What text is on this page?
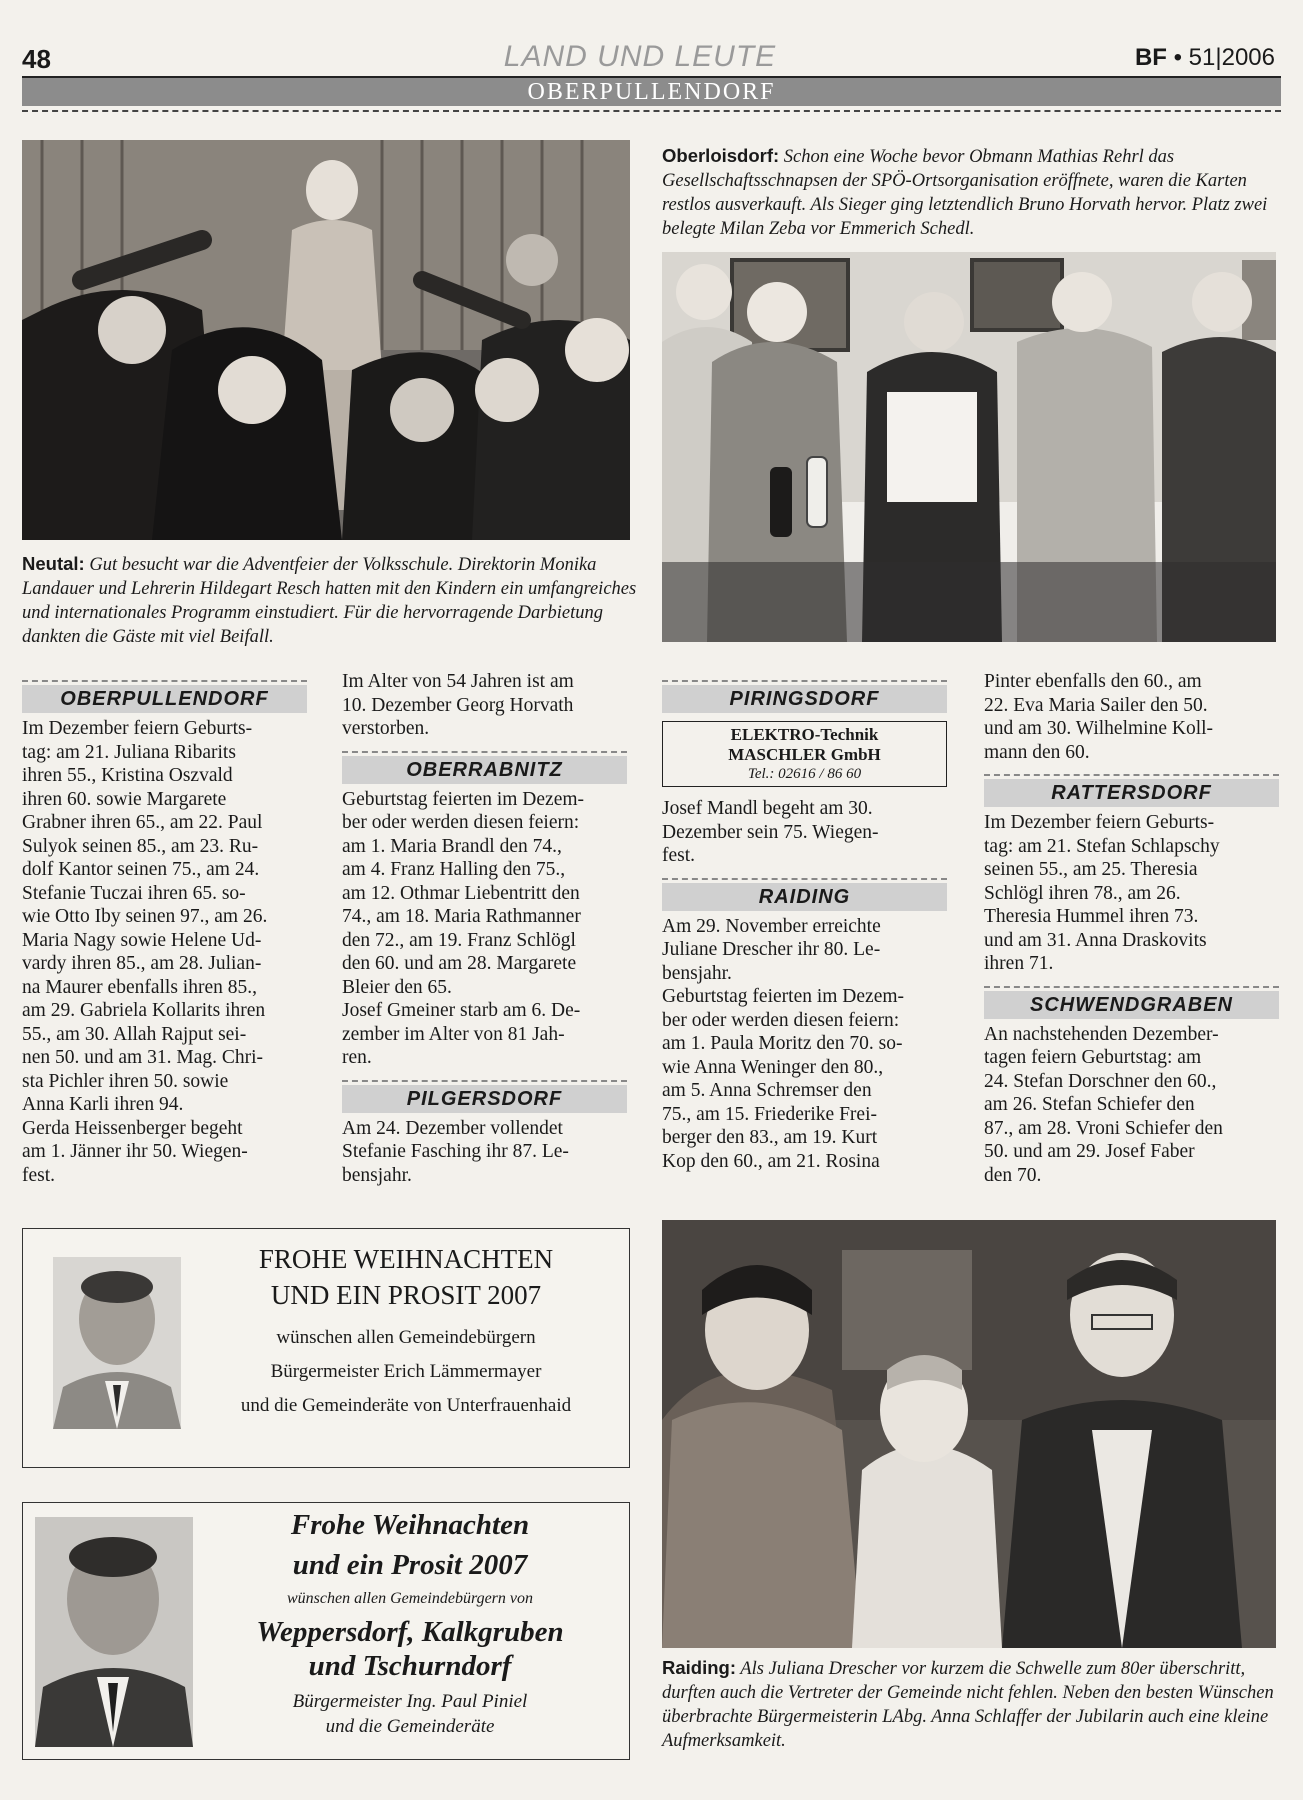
48	LAND UND LEUTE	BF • 51|2006
OBERPULLENDORF
Oberloisdorf: Schon eine Woche bevor Obmann Mathias Rehrl das Gesellschaftsschnapsen der SPÖ-Ortsorganisation eröffnete, waren die Karten restlos ausverkauft. Als Sieger ging letztendlich Bruno Horvath hervor. Platz zwei belegte Milan Zeba vor Emmerich Schedl.
Neutal: Gut besucht war die Adventfeier der Volksschule. Direktorin Monika Landauer und Lehrerin Hildegart Resch hatten mit den Kindern ein umfangreiches und internationales Programm einstudiert. Für die hervorragende Darbietung dankten die Gäste mit viel Beifall.
OBERPULLENDORF

Im Dezember feiern Geburts-
tag: am 21. Juliana Ribarits
ihren 55., Kristina Oszvald
ihren 60. sowie Margarete
Grabner ihren 65., am 22. Paul
Sulyok seinen 85., am 23. Ru-
dolf Kantor seinen 75., am 24.
Stefanie Tuczai ihren 65. so-
wie Otto Iby seinen 97., am 26.
Maria Nagy sowie Helene Ud-
vardy ihren 85., am 28. Julian-
na Maurer ebenfalls ihren 85.,
am 29. Gabriela Kollarits ihren
55., am 30. Allah Rajput sei-
nen 50. und am 31. Mag. Chri-
sta Pichler ihren 50. sowie
Anna Karli ihren 94.
Gerda Heissenberger begeht
am 1. Jänner ihr 50. Wiegen-
fest.

Im Alter von 54 Jahren ist am
10. Dezember Georg Horvath
verstorben.

OBERRABNITZ

Geburtstag feierten im Dezem-
ber oder werden diesen feiern:
am 1. Maria Brandl den 74.,
am 4. Franz Halling den 75.,
am 12. Othmar Liebentritt den
74., am 18. Maria Rathmanner
den 72., am 19. Franz Schlögl
den 60. und am 28. Margarete
Bleier den 65.
Josef Gmeiner starb am 6. De-
zember im Alter von 81 Jah-
ren.

PILGERSDORF

Am 24. Dezember vollendet
Stefanie Fasching ihr 87. Le-
bensjahr.

PIRINGSDORF
ELEKTRO-Technik
MASCHLER GmbH
Tel.: 02616 / 86 60

Josef Mandl begeht am 30.
Dezember sein 75. Wiegen-
fest.

RAIDING

Am 29. November erreichte
Juliane Drescher ihr 80. Le-
bensjahr.
Geburtstag feierten im Dezem-
ber oder werden diesen feiern:
am 1. Paula Moritz den 70. so-
wie Anna Weninger den 80.,
am 5. Anna Schremser den
75., am 15. Friederike Frei-
berger den 83., am 19. Kurt
Kop den 60., am 21. Rosina

Pinter ebenfalls den 60., am
22. Eva Maria Sailer den 50.
und am 30. Wilhelmine Koll-
mann den 60.

RATTERSDORF

Im Dezember feiern Geburts-
tag: am 21. Stefan Schlapschy
seinen 55., am 25. Theresia
Schlögl ihren 78., am 26.
Theresia Hummel ihren 73.
und am 31. Anna Draskovits
ihren 71.

SCHWENDGRABEN

An nachstehenden Dezember-
tagen feiern Geburtstag: am
24. Stefan Dorschner den 60.,
am 26. Stefan Schiefer den
87., am 28. Vroni Schiefer den
50. und am 29. Josef Faber
den 70.

FROHE WEIHNACHTEN
UND EIN PROSIT 2007
wünschen allen Gemeindebürgern
Bürgermeister Erich Lämmermayer
und die Gemeinderäte von Unterfrauenhaid
Frohe Weihnachten
und ein Prosit 2007
wünschen allen Gemeindebürgern von
Weppersdorf, Kalkgruben
und Tschurndorf
Bürgermeister Ing. Paul Piniel
und die Gemeinderäte
Raiding: Als Juliana Drescher vor kurzem die Schwelle zum 80er überschritt, durften auch die Vertreter der Gemeinde nicht fehlen. Neben den besten Wünschen überbrachte Bürgermeisterin LAbg. Anna Schlaffer der Jubilarin auch eine kleine Aufmerksamkeit.
